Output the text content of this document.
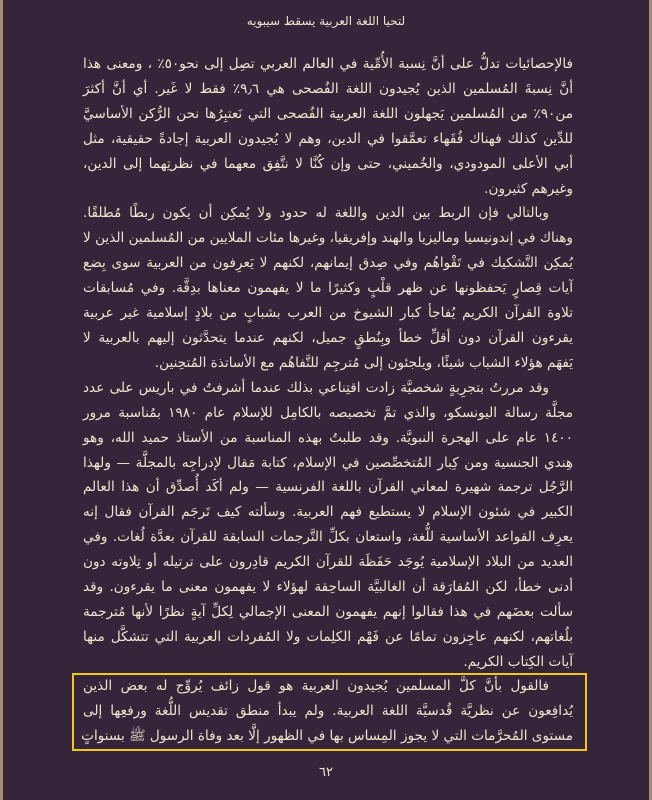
لتحيا اللغة العربية يسقط سيبويه
فالإحصائيات تدلُّ على أنَّ نِسبة الأُمِّية في العالم العربي تصِل إلى نحو٥٠٪ ، ومعنى هذا
أنَّ نِسبةَ المُسلمين الذين يُجيدون اللغة الفُصحى هي ٩٫٦٪ فقط لا غَير. أي أنَّ أكثرَ
من٩٠٪ من المُسلمين يَجهلون اللغة العربية الفُصحى التي نَعتبِرُها نحن الرُّكن الأساسيَّ
للدِّين كذلك فهناك فُقَهاء تعمَّقوا في الدين، وهم لا يُجيدون العربية إجادةً حقيقية، مثل
أبي الأعلى المودودي، والخُميني، حتى وإن كُنَّا لا نتَّفِق معهما في نظرتِهما إلى الدين،
وغيرهم كثيرون.
وبالتالي فإن الربط بين الدين واللغة له حدود ولا يُمكِن أن يكون ربطًا مُطلقًا.
وهناك في إندونيسيا وماليزيا والهند وإفريقيا، وغيرها مئات الملايين من المُسلمين الذين لا
يُمكِن التَّشكيك في تَقْواهُم وفي صِدق إيمانهم، لكنهم لا يَعرِفون من العربية سوى بِضع
آيات قِصارٍ يَحفظونها عن ظهر قلْبٍ وكثيرًا ما لا يفهمون معناها بدِقَّة. وفي مُسابقات
تلاوة القرآن الكريم يُفاجأ كبار الشيوخ من العرب بشبابٍ من بلادٍ إسلامية غير عربية
يقرءون القرآن دون أقلِّ خطأ وبِنُطقٍ جميل، لكنهم عندما يتحدَّثون إليهم بالعربية لا
يَفهَم هؤلاء الشباب شيئًا، ويلجئون إلى مُترجِم للتَّفاهُم مع الأساتذة المُتحِنين.
وقد مررتُ بتجرِبةٍ شخصيَّة زادت اقتِناعي بذلك عندما أشرفتُ في باريس على عدد
مجلَّة رسالة اليونسكو، والذي تمَّ تخصيصه بالكامِل للإسلام عام ١٩٨٠ بمُناسبة مرور
١٤٠٠ عام على الهجرة النبويَّة. وقد طلبتُ بهذه المناسبة من الأستاذ حميد الله، وهو
هِندي الجنسية ومن كِبار المُتخصِّصين في الإسلام، كتابة مَقال لإدراجِه بالمجلَّة — ولهذا
الرَّجُل ترجمة شهيرة لمعاني القرآن باللغة الفرنسية — ولم أكَد أُصدِّق أن هذا العالم
الكبير في شئون الإسلام لا يستطيع فهم العربية. وسألته كيف تَرجَم القرآن فقال إنه
يعرِف القواعد الأساسية للُّغة، واستعان بكلِّ التَّرجمات السابقة للقرآن بعدَّة لُغات. وفي
العديد من البلاد الإسلامية يُوجَد حَفَظَة للقرآن الكريم قادِرون على ترتيله أو تِلاوته دون
أدنى خطأ، لكن المُفارَقة أن الغالبيَّة الساحِقة لهؤلاء لا يفهمون معنى ما يقرءون. وقد
سألت بعضَهم في هذا فقالوا إنهم يفهمون المعنى الإجمالي لِكلِّ آيةٍ نظرًا لأنها مُترجمة
بلُغاتهم، لكنهم عاجِزون تمامًا عن فَهْم الكلِمات ولا المُفردات العربية التي تتشكَّل منها
آيات الكِتاب الكريم.
فالقول بأنَّ كلَّ المسلمين يُجيدون العربية هو قول زائف يُروِّج له بعض الذين
يُدافِعون عن نظريَّة قُدسيَّة اللغة العربية. ولم يبدأ منطق تقديس اللُّغة ورفعِها إلى
مستوى المُحرَّمات التي لا يجوز المِساس بها في الظهور إلَّا بعد وفاة الرسول ﷺ بسنواتٍ
٦٢
